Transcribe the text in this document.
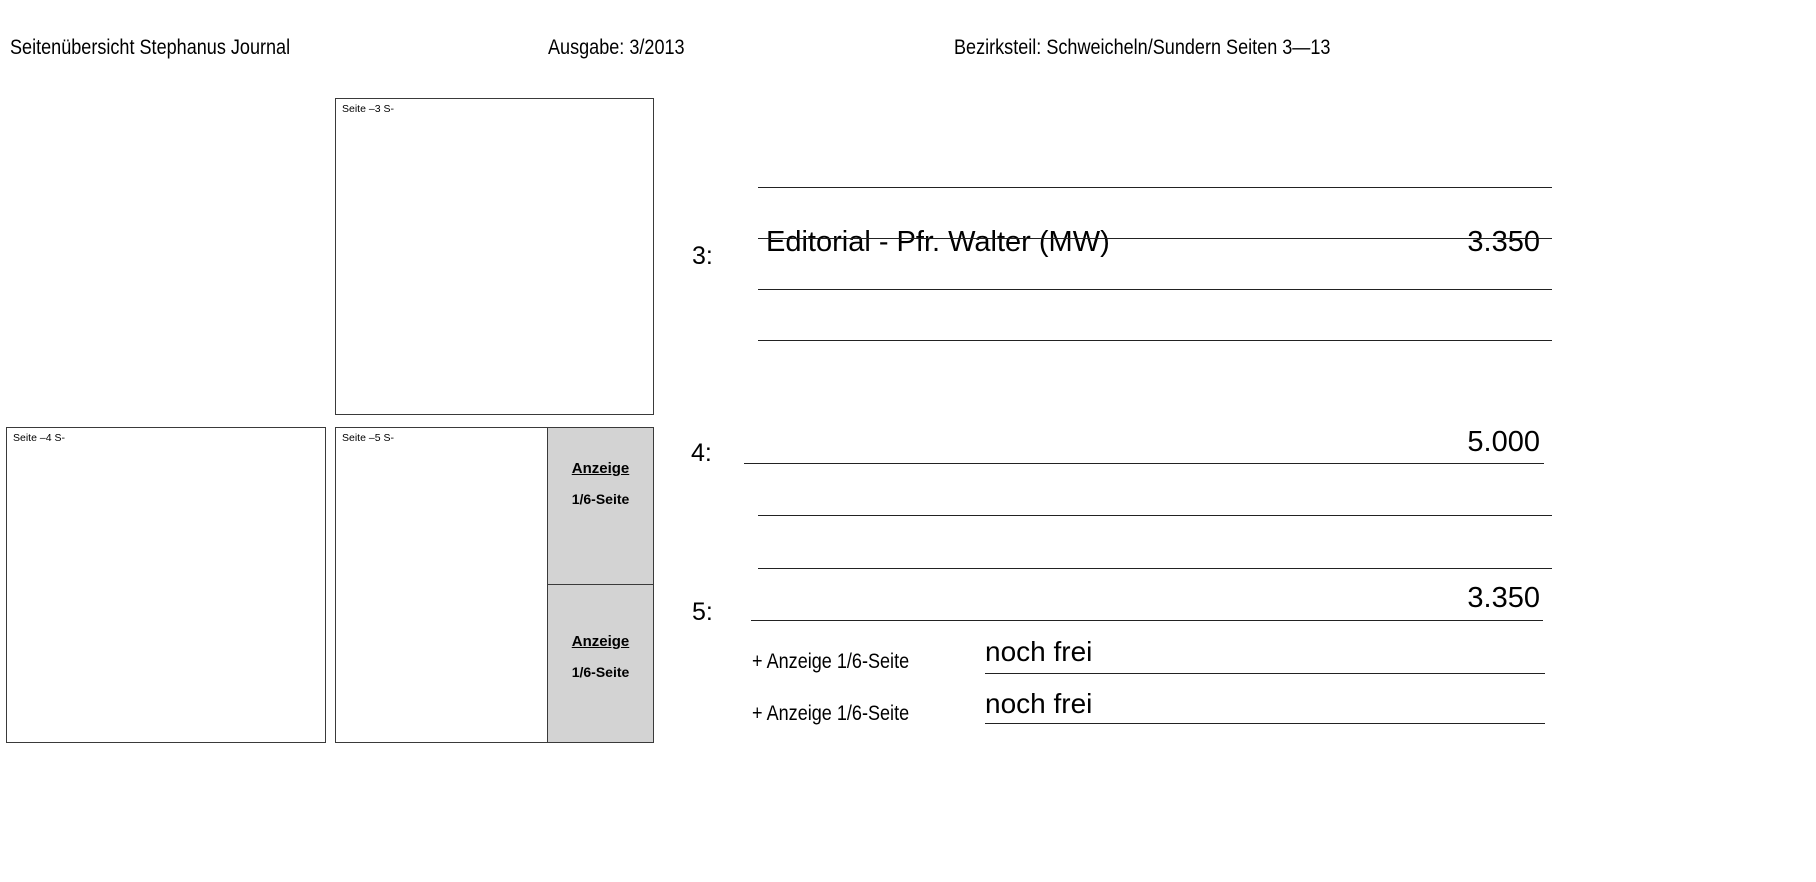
Seitenübersicht Stephanus Journal	Ausgabe: 3/2013	Bezirksteil: Schweicheln/Sundern Seiten 3—13
Seite –3 S-
Seite –4 S-	Seite –5 S-
Anzeige
1/6-Seite
Anzeige
1/6-Seite
3: Editorial - Pfr. Walter (MW)	3.350
4:	5.000
5:	3.350
+ Anzeige 1/6-Seite	noch frei
+ Anzeige 1/6-Seite	noch frei
